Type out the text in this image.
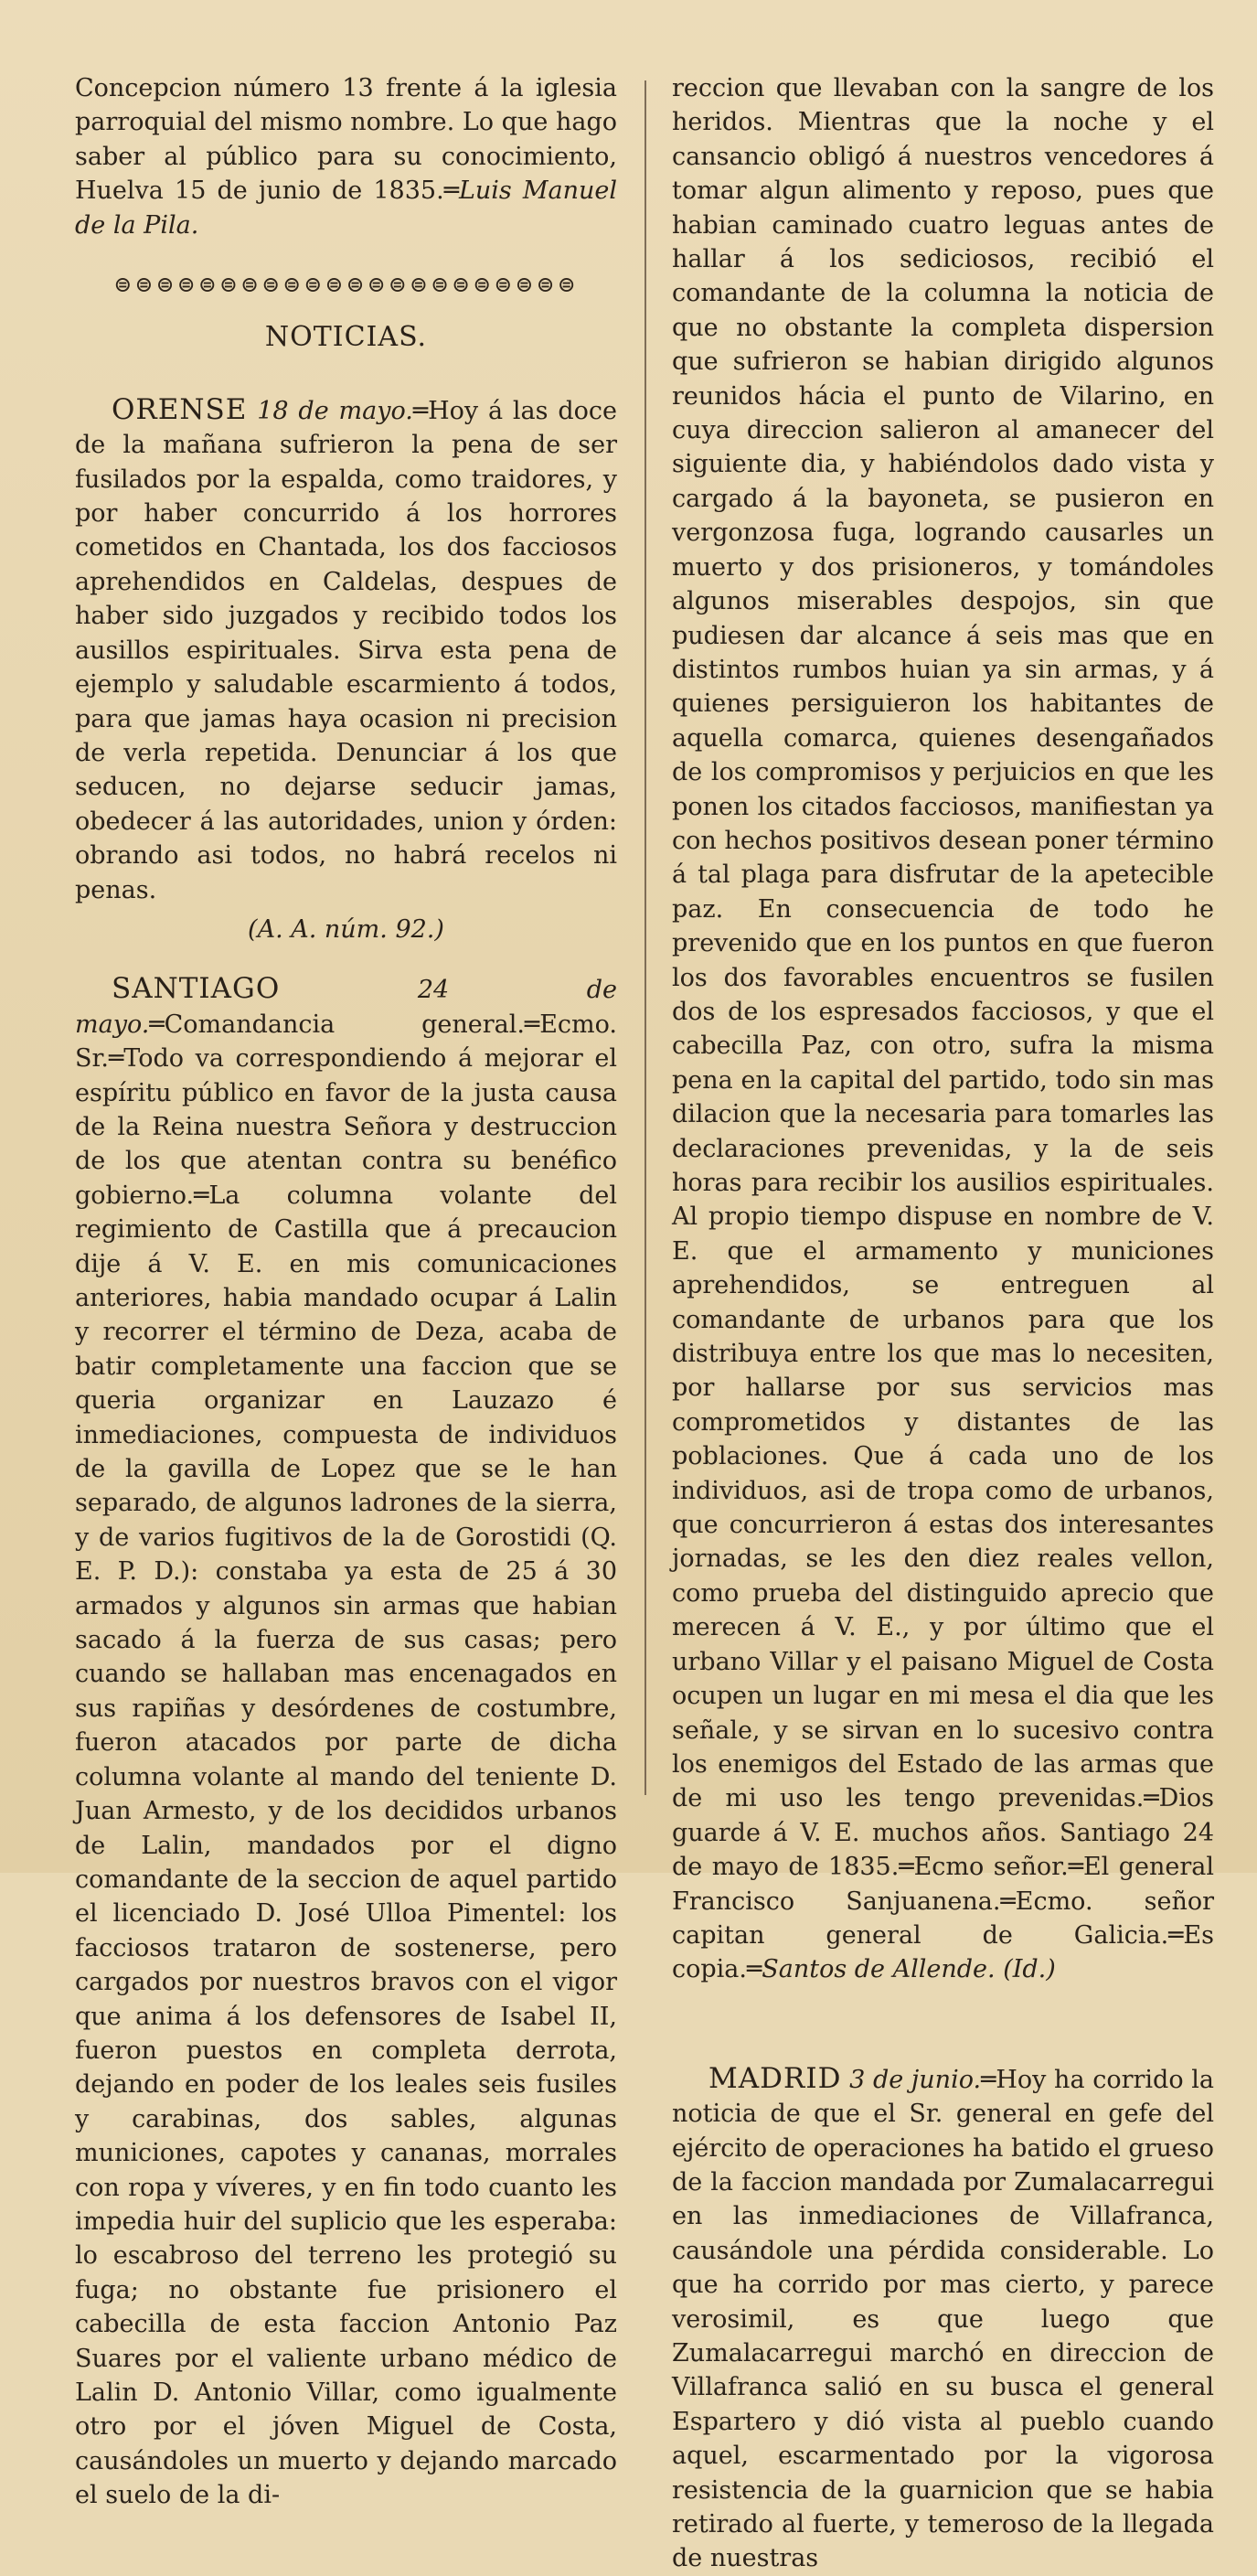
Concepcion número 13 frente á la iglesia parroquial del mismo nombre. Lo que hago saber al público para su conocimiento, Huelva 15 de junio de 1835.═Luis Manuel de la Pila.

⊜⊜⊜⊜⊜⊜⊜⊜⊜⊜⊜⊜⊜⊜⊜⊜⊜⊜⊜⊜⊜⊜
NOTICIAS.

ORENSE 18 de mayo.═Hoy á las doce de la mañana sufrieron la pena de ser fusilados por la espalda, como traidores, y por haber concurrido á los horrores cometidos en Chantada, los dos facciosos aprehendidos en Caldelas, despues de haber sido juzgados y recibido todos los ausillos espirituales. Sirva esta pena de ejemplo y saludable escarmiento á todos, para que jamas haya ocasion ni precision de verla repetida. Denunciar á los que seducen, no dejarse seducir jamas, obedecer á las autoridades, union y órden: obrando asi todos, no habrá recelos ni penas.

(A. A. núm. 92.)

SANTIAGO	24 de mayo.═Comandancia general.═Ecmo. Sr.═Todo va correspondiendo á mejorar el espíritu público en favor de la justa causa de la Reina nuestra Señora y destruccion de los que atentan contra su benéfico gobierno.═La columna volante del regimiento de Castilla que á precaucion dije á V. E. en mis comunicaciones anteriores, habia mandado ocupar á Lalin y recorrer el término de Deza, acaba de batir completamente una faccion que se queria organizar en Lauzazo é inmediaciones, compuesta de individuos de la gavilla de Lopez que se le han separado, de algunos ladrones de la sierra, y de varios fugitivos de la de Gorostidi (Q. E. P. D.): constaba ya esta de 25 á 30 armados y algunos sin armas que habian sacado á la fuerza de sus casas; pero cuando se hallaban mas encenagados en sus rapiñas y desórdenes de costumbre, fueron atacados por parte de dicha columna volante al mando del teniente D. Juan Armesto, y de los decididos urbanos de Lalin, mandados por el digno comandante de la seccion de aquel partido el licenciado D. José Ulloa Pimentel: los facciosos trataron de sostenerse, pero cargados por nuestros bravos con el vigor que anima á los defensores de Isabel II, fueron puestos en completa derrota, dejando en poder de los leales seis fusiles y carabinas, dos sables, algunas municiones, capotes y cananas, morrales con ropa y víveres, y en fin todo cuanto les impedia huir del suplicio que les esperaba: lo escabroso del terreno les protegió su fuga; no obstante fue prisionero el cabecilla de esta faccion Antonio Paz Suares por el valiente urbano médico de Lalin D. Antonio Villar, como igualmente otro por el jóven Miguel de Costa, causándoles un muerto y dejando marcado el suelo de la di-

reccion que llevaban con la sangre de los heridos. Mientras que la noche y el cansancio obligó á nuestros vencedores á tomar algun alimento y reposo, pues que habian caminado cuatro leguas antes de hallar á los sediciosos, recibió el comandante de la columna la noticia de que no obstante la completa dispersion que sufrieron se habian dirigido algunos reunidos hácia el punto de Vilarino, en cuya direccion salieron al amanecer del siguiente dia, y habiéndolos dado vista y cargado á la bayoneta, se pusieron en vergonzosa fuga, logrando causarles un muerto y dos prisioneros, y tomándoles algunos miserables despojos, sin que pudiesen dar alcance á seis mas que en distintos rumbos huian ya sin armas, y á quienes persiguieron los habitantes de aquella comarca, quienes desengañados de los compromisos y perjuicios en que les ponen los citados facciosos, manifiestan ya con hechos positivos desean poner término á tal plaga para disfrutar de la apetecible paz. En consecuencia de todo he prevenido que en los puntos en que fueron los dos favorables encuentros se fusilen dos de los espresados facciosos, y que el cabecilla Paz, con otro, sufra la misma pena en la capital del partido, todo sin mas dilacion que la necesaria para tomarles las declaraciones prevenidas, y la de seis horas para recibir los ausilios espirituales. Al propio tiempo dispuse en nombre de V. E. que el armamento y municiones aprehendidos, se entreguen al comandante de urbanos para que los distribuya entre los que mas lo necesiten, por hallarse por sus servicios mas comprometidos y distantes de las poblaciones. Que á cada uno de los individuos, asi de tropa como de urbanos, que concurrieron á estas dos interesantes jornadas, se les den diez reales vellon, como prueba del distinguido aprecio que merecen á V. E., y por último que el urbano Villar y el paisano Miguel de Costa ocupen un lugar en mi mesa el dia que les señale, y se sirvan en lo sucesivo contra los enemigos del Estado de las armas que de mi uso les tengo prevenidas.═Dios guarde á V. E. muchos años. Santiago 24 de mayo de 1835.═Ecmo señor.═El general Francisco Sanjuanena.═Ecmo. señor capitan general de Galicia.═Es copia.═Santos de Allende. (Id.)

MADRID 3 de junio.═Hoy ha corrido la noticia de que el Sr. general en gefe del ejército de operaciones ha batido el grueso de la faccion mandada por Zumalacarregui en las inmediaciones de Villafranca, causándole una pérdida considerable. Lo que ha corrido por mas cierto, y parece verosimil, es que luego que Zumalacarregui marchó en direccion de Villafranca salió en su busca el general Espartero y dió vista al pueblo cuando aquel, escarmentado por la vigorosa resistencia de la guarnicion que se habia retirado al fuerte, y temeroso de la llegada de nuestras
